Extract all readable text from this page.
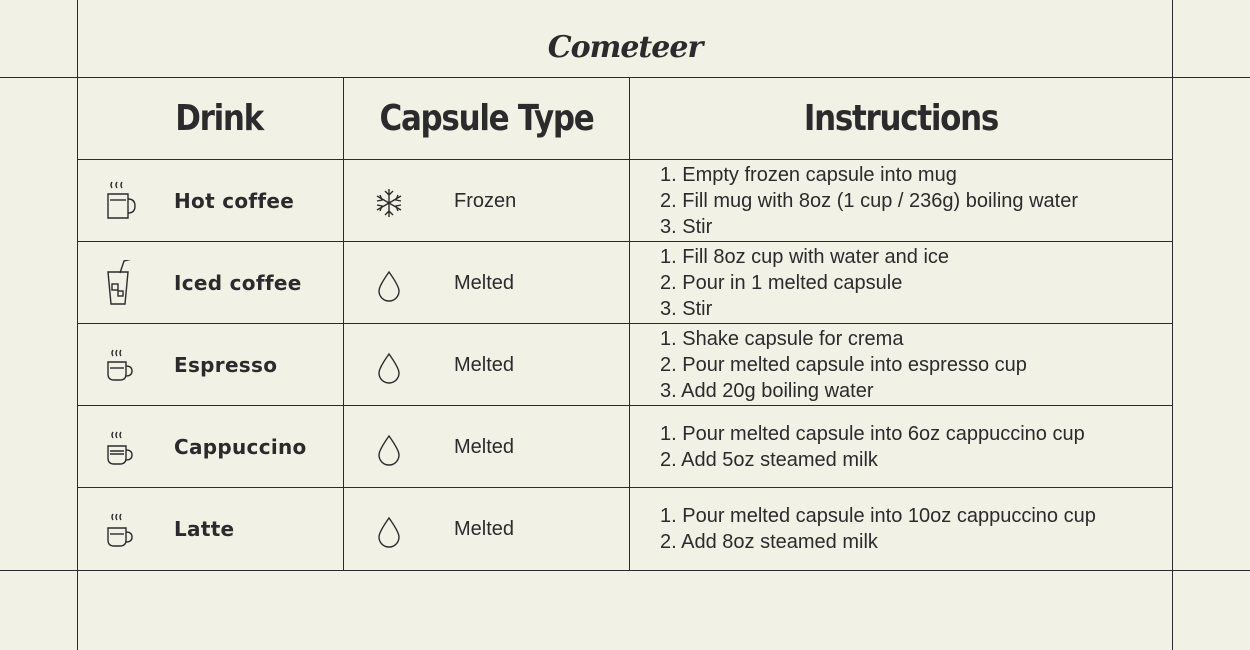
Cometeer
Drink	Capsule Type	Instructions
Hot coffee	Frozen
1. Empty frozen capsule into mug
2. Fill mug with 8oz (1 cup / 236g) boiling water
3. Stir
Iced coffee	Melted
1. Fill 8oz cup with water and ice
2. Pour in 1 melted capsule
3. Stir
Espresso	Melted
1. Shake capsule for crema
2. Pour melted capsule into espresso cup
3. Add 20g boiling water
Cappuccino	Melted
1. Pour melted capsule into 6oz cappuccino cup
2. Add 5oz steamed milk
Latte	Melted
1. Pour melted capsule into 10oz cappuccino cup
2. Add 8oz steamed milk
